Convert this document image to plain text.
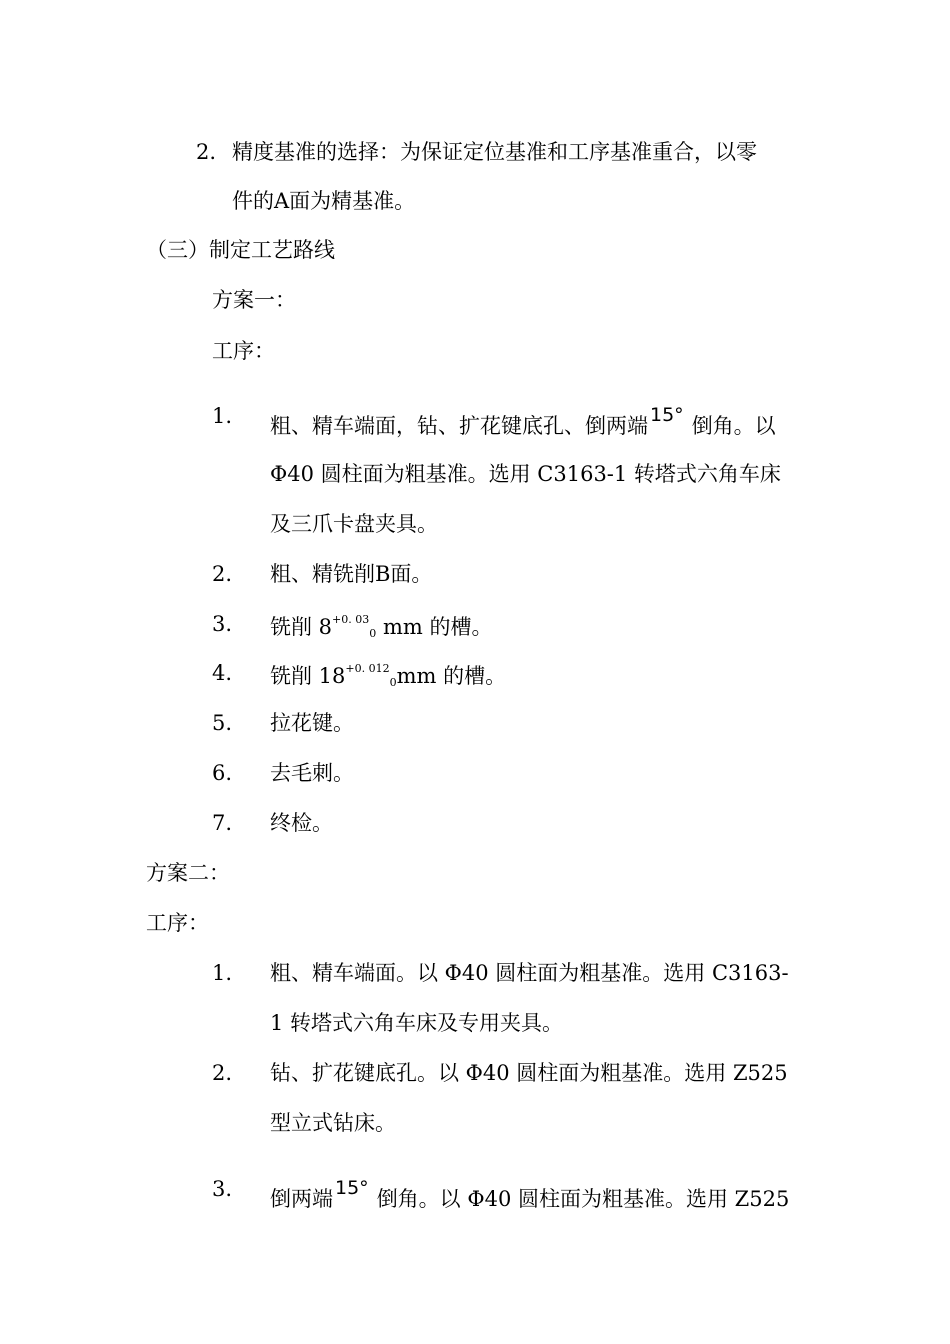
2. 精度基准的选择：为保证定位基准和工序基准重合，以零
件的A面为精基准。
（三）制定工艺路线
方案一：
工序：
1. 粗、精车端面，钻、扩花键底孔、倒两端 15° 倒角。以
Φ40 圆柱面为粗基准。选用 C3163-1 转塔式六角车床
及三爪卡盘夹具。
2. 粗、精铣削B面。
3. 铣削 $8^{+0. 03}_0$ mm 的槽。
4. 铣削 $18^{+0. 012}_0mm$ 的槽。
5. 拉花键。
6. 去毛刺。
7. 终检。
方案二：
工序：
1. 粗、精车端面。以 Φ40 圆柱面为粗基准。选用 C3163-
1 转塔式六角车床及专用夹具。
2. 钻、扩花键底孔。以 Φ40 圆柱面为粗基准。选用 Z525
型立式钻床。
3. 倒两端 15° 倒角。以 Φ40 圆柱面为粗基准。选用 Z525
